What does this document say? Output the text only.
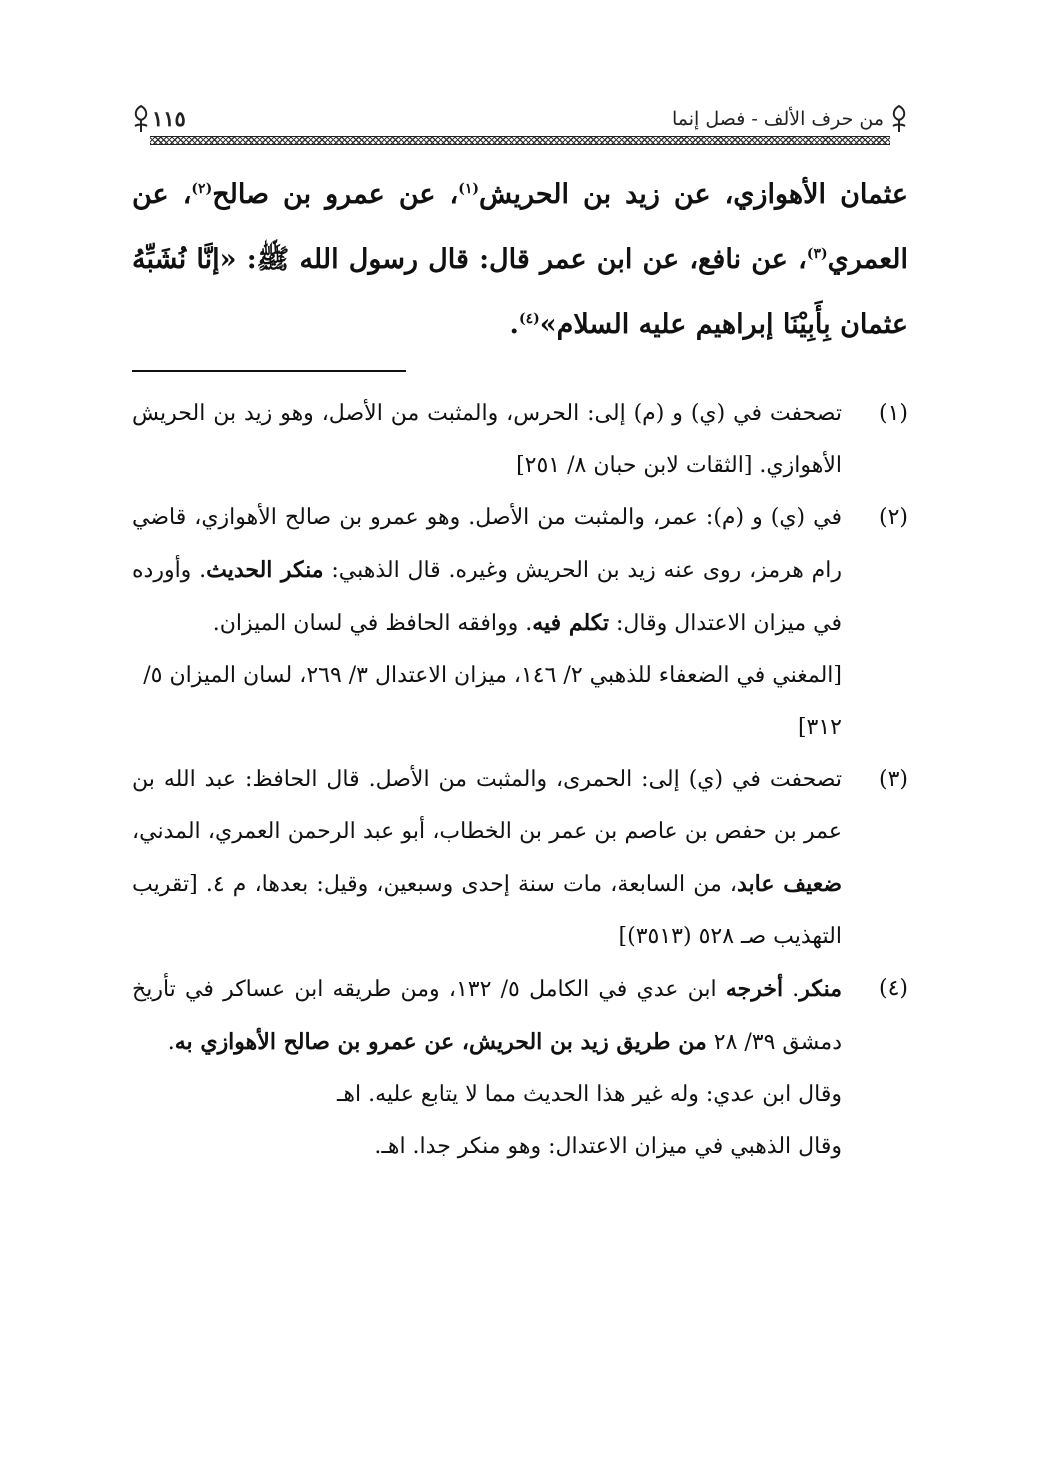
من حرف الألف - فصل إنما
١١٥

عثمان الأهوازي، عن زيد بن الحريش$^{(١)}$، عن عمرو بن صالح$^{(٢)}$، عن العمري$^{(٣)}$، عن نافع، عن ابن عمر قال: قال رسول الله ﷺ: «إنَّا نُشَبِّهُ عثمان بِأَبِيْنَا إبراهيم عليه السلام»$^{(٤)}$.

(١)
تصحفت في (ي) و (م) إلى: الحرس، والمثبت من الأصل، وهو زيد بن الحريش الأهوازي. [الثقات لابن حبان ٨/ ٢٥١]
(٢)
في (ي) و (م): عمر، والمثبت من الأصل. وهو عمرو بن صالح الأهوازي، قاضي رام هرمز، روى عنه زيد بن الحريش وغيره. قال الذهبي: منكر الحديث. وأورده في ميزان الاعتدال وقال: تكلم فيه. ووافقه الحافظ في لسان الميزان.
[المغني في الضعفاء للذهبي ٢/ ١٤٦، ميزان الاعتدال ٣/ ٢٦٩، لسان الميزان ٥/ ٣١٢]
(٣)
تصحفت في (ي) إلى: الحمرى، والمثبت من الأصل. قال الحافظ: عبد الله بن عمر بن حفص بن عاصم بن عمر بن الخطاب، أبو عبد الرحمن العمري، المدني، ضعيف عابد، من السابعة، مات سنة إحدى وسبعين، وقيل: بعدها، م ٤. [تقريب التهذيب صـ ٥٢٨ (٣٥١٣)]
(٤)
منكر. أخرجه ابن عدي في الكامل ٥/ ١٣٢، ومن طريقه ابن عساكر في تأريخ دمشق ٣٩/ ٢٨ من طريق زيد بن الحريش، عن عمرو بن صالح الأهوازي به.
وقال ابن عدي: وله غير هذا الحديث مما لا يتابع عليه. اهـ
وقال الذهبي في ميزان الاعتدال: وهو منكر جدا. اهـ.
